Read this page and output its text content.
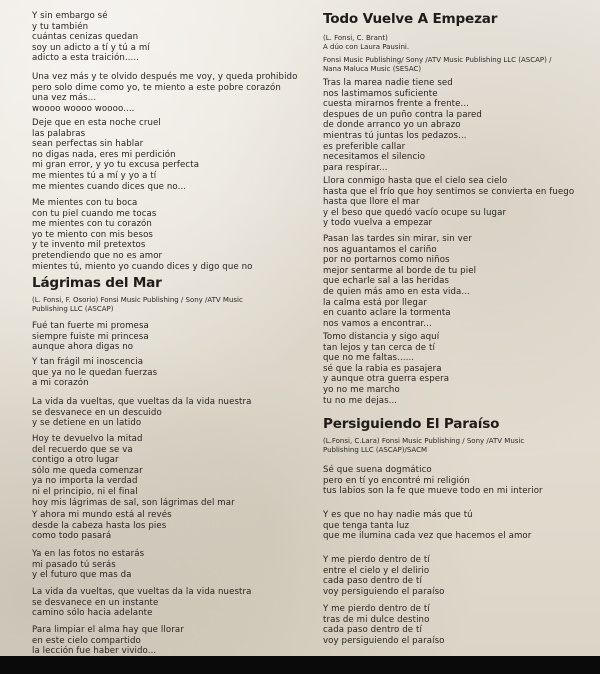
Y sin embargo sé
y tu también
cuántas cenizas quedan
soy un adicto a tí y tú a mí
adicto a esta traición.....
Una vez más y te olvido después me voy, y queda prohibido
pero solo dime como yo, te miento a este pobre corazón
una vez más...
woooo woooo woooo....
Deje que en esta noche cruel
las palabras
sean perfectas sin hablar
no digas nada, eres mi perdición
mi gran error, y yo tu excusa perfecta
me mientes tú a mí y yo a tí
me mientes cuando dices que no...
Me mientes con tu boca
con tu piel cuando me tocas
me mientes con tu corazón
yo te miento con mis besos
y te invento mil pretextos
pretendiendo que no es amor
mientes tú, miento yo cuando dices y digo que no
Lágrimas del Mar
(L. Fonsi, F. Osorio) Fonsi Music Publishing / Sony /ATV Music
Publishing LLC (ASCAP)
Fué tan fuerte mi promesa
siempre fuiste mi princesa
aunque ahora digas no
Y tan frágil mi inoscencia
que ya no le quedan fuerzas
a mi corazón
La vida da vueltas, que vueltas da la vida nuestra
se desvanece en un descuido
y se detiene en un latido
Hoy te devuelvo la mitad
del recuerdo que se va
contigo a otro lugar
sólo me queda comenzar
ya no importa la verdad
ni el principio, ni el final
hoy mis lágrimas de sal, son lágrimas del mar
Y ahora mi mundo está al revés
desde la cabeza hasta los pies
como todo pasará
Ya en las fotos no estarás
mi pasado tú serás
y el futuro que mas da
La vida da vueltas, que vueltas da la vida nuestra
se desvanece en un instante
camino sólo hacia adelante
Para limpiar el alma hay que llorar
en este cielo compartido
la lección fue haber vivido...
Todo Vuelve A Empezar
(L. Fonsi, C. Brant)
A dúo con Laura Pausini.
Fonsi Music Publishing/ Sony /ATV Music Publishing LLC (ASCAP) /
Nana Maluca Music (SESAC)
Tras la marea nadie tiene sed
nos lastimamos suficiente
cuesta mirarnos frente a frente...
despues de un puño contra la pared
de donde arranco yo un abrazo
mientras tú juntas los pedazos...
es preferible callar
necesitamos el silencio
para respirar...
Llora conmigo hasta que el cielo sea cielo
hasta que el frío que hoy sentimos se convierta en fuego
hasta que llore el mar
y el beso que quedó vacío ocupe su lugar
y todo vuelva a empezar
Pasan las tardes sin mirar, sin ver
nos aguantamos el cariño
por no portarnos como niños
mejor sentarme al borde de tu piel
que echarle sal a las heridas
de quien más amo en esta vida...
la calma está por llegar
en cuanto aclare la tormenta
nos vamos a encontrar...
Tomo distancia y sigo aquí
tan lejos y tan cerca de tí
que no me faltas......
sé que la rabia es pasajera
y aunque otra guerra espera
yo no me marcho
tu no me dejas...
Persiguiendo El Paraíso
(L.Fonsi, C.Lara) Fonsi Music Publishing / Sony /ATV Music
Publishing LLC (ASCAP)/SACM
Sé que suena dogmático
pero en tí yo encontré mi religión
tus labios son la fe que mueve todo en mi interior
Y es que no hay nadie más que tú
que tenga tanta luz
que me ilumina cada vez que hacemos el amor
Y me pierdo dentro de tí
entre el cielo y el delirio
cada paso dentro de tí
voy persiguiendo el paraíso
Y me pierdo dentro de tí
tras de mi dulce destino
cada paso dentro de tí
voy persiguiendo el paraíso
